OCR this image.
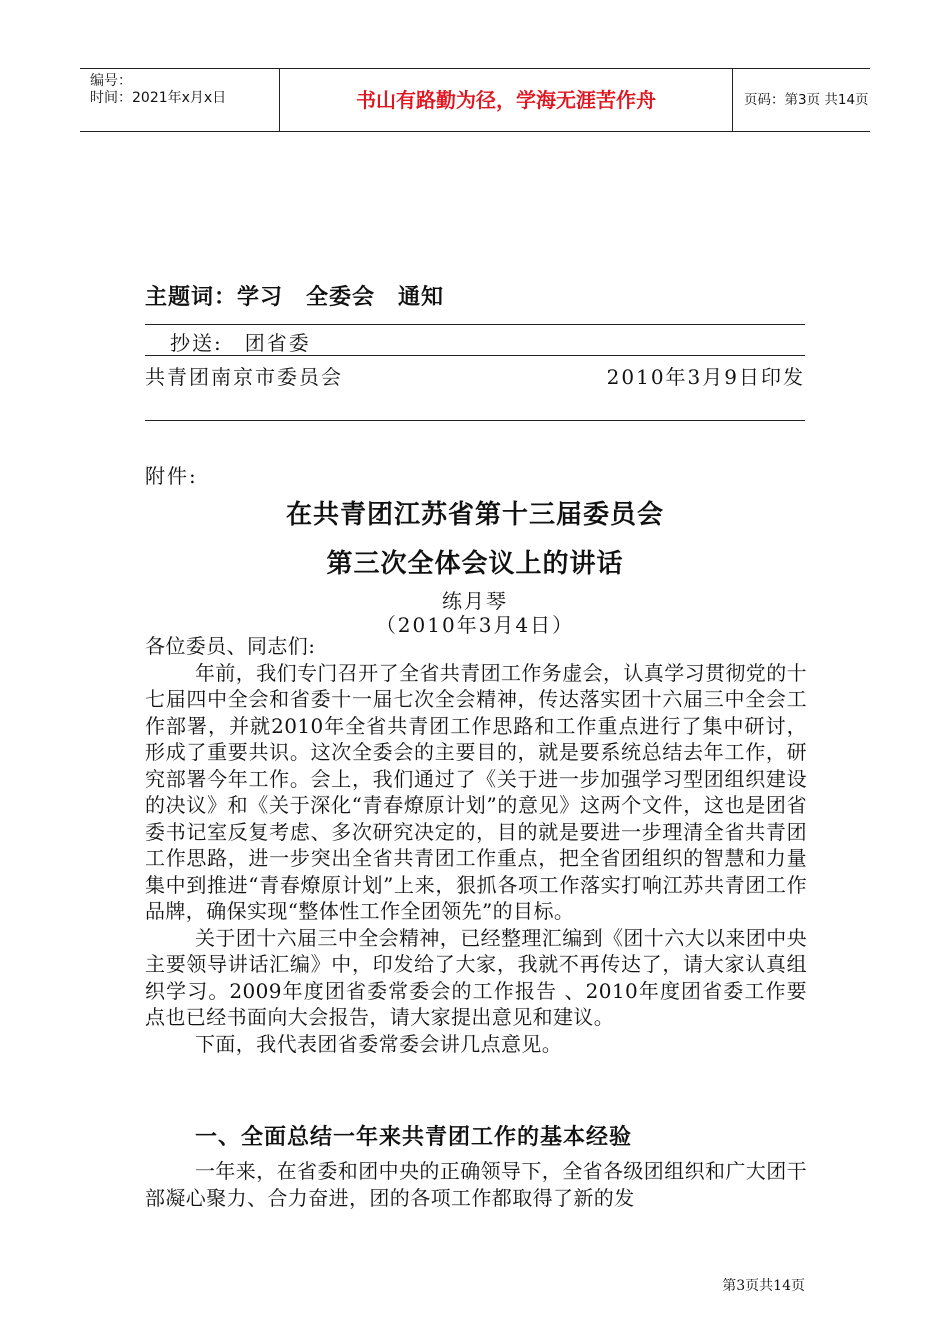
编号：
时间：2021年x月x日	书山有路勤为径，学海无涯苦作舟	页码：第3页 共14页
主题词：学习　全委会　通知
抄送:　团省委
共青团南京市委员会	2010年3月9日印发
附件:
在共青团江苏省第十三届委员会
第三次全体会议上的讲话
练月琴
（2010年3月4日）

各位委员、同志们:

年前，我们专门召开了全省共青团工作务虚会，认真学习贯彻党的十七届四中全会和省委十一届七次全会精神，传达落实团十六届三中全会工作部署，并就2010年全省共青团工作思路和工作重点进行了集中研讨，形成了重要共识。这次全委会的主要目的，就是要系统总结去年工作，研究部署今年工作。会上，我们通过了《关于进一步加强学习型团组织建设的决议》和《关于深化“青春燎原计划”的意见》这两个文件，这也是团省委书记室反复考虑、多次研究决定的，目的就是要进一步理清全省共青团工作思路，进一步突出全省共青团工作重点，把全省团组织的智慧和力量集中到推进“青春燎原计划”上来，狠抓各项工作落实打响江苏共青团工作品牌，确保实现“整体性工作全团领先”的目标。

关于团十六届三中全会精神，已经整理汇编到《团十六大以来团中央主要领导讲话汇编》中，印发给了大家，我就不再传达了，请大家认真组织学习。2009年度团省委常委会的工作报告 、2010年度团省委工作要点也已经书面向大会报告，请大家提出意见和建议。

下面，我代表团省委常委会讲几点意见。

一、全面总结一年来共青团工作的基本经验

一年来，在省委和团中央的正确领导下，全省各级团组织和广大团干部凝心聚力、合力奋进，团的各项工作都取得了新的发

第3页共14页
